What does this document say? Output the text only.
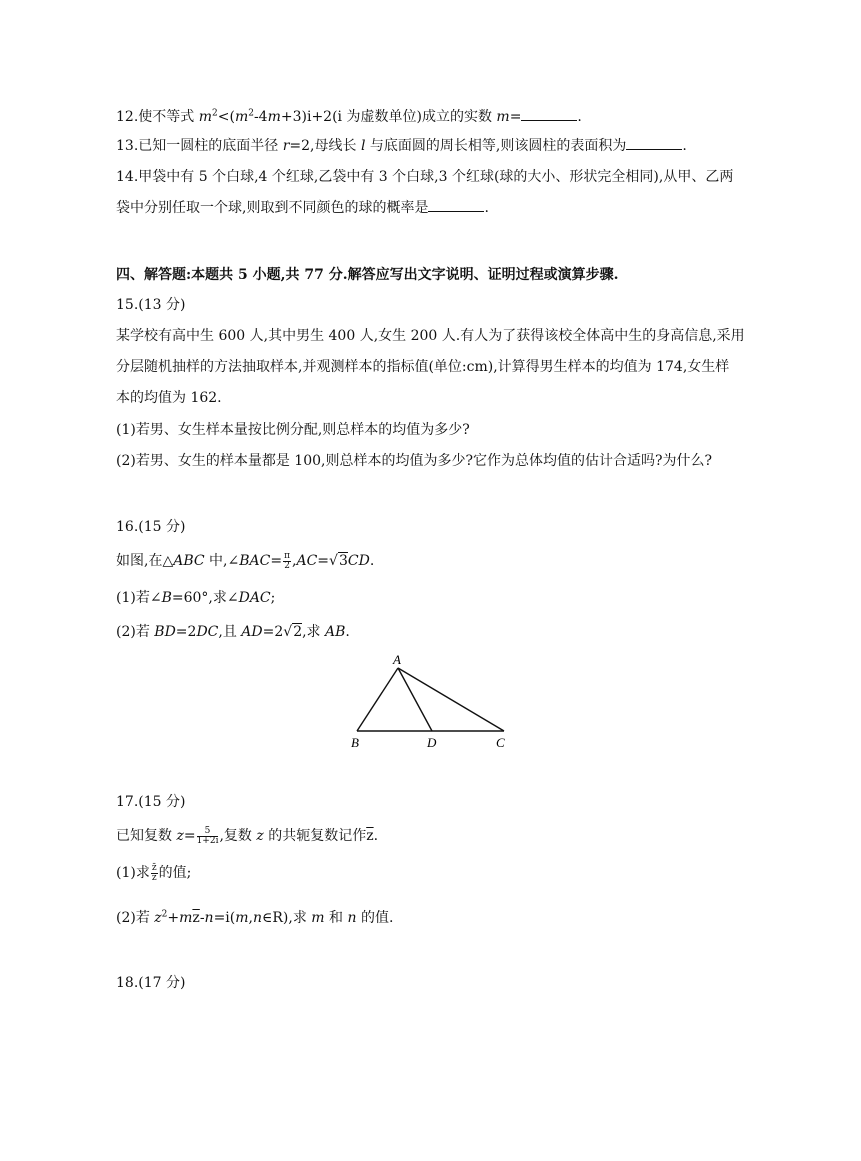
12.使不等式 $m^2<(m^2-4m+3)i+2(i$ 为虚数单位)成立的实数 m=	.
13.已知一圆柱的底面半径 r=2,母线长 l 与底面圆的周长相等,则该圆柱的表面积为	.
14.甲袋中有 5 个白球,4 个红球,乙袋中有 3 个白球,3 个红球(球的大小、形状完全相同),从甲、乙两
袋中分别任取一个球,则取到不同颜色的球的概率是	.
四、解答题:本题共 5 小题,共 77 分.解答应写出文字说明、证明过程或演算步骤.
15.(13 分)
某学校有高中生 600 人,其中男生 400 人,女生 200 人.有人为了获得该校全体高中生的身高信息,采用
分层随机抽样的方法抽取样本,并观测样本的指标值(单位:cm),计算得男生样本的均值为 174,女生样
本的均值为 162.
(1)若男、女生样本量按比例分配,则总样本的均值为多少?
(2)若男、女生的样本量都是 100,则总样本的均值为多少?它作为总体均值的估计合适吗?为什么?
16.(15 分)
如图,在△ABC 中,∠BAC= $\frac{\pi}{2} ,AC=√3CD$.
(1)若∠B=60°,求∠DAC;
(2)若 BD=2DC,且 AD=2√2,求 AB.
A
B	D	C
17.(15 分)
已知复数 $z= \frac{5}{1+2i}$ ,复数 z 的共轭复数记作$\overline{z}$.
(1)求 $\frac{z̄}{z}$ 的值;
(2)若 $z^2+m\overline{z}-n=i(m,n\in R)$,求 m 和 n 的值.
18.(17 分)
